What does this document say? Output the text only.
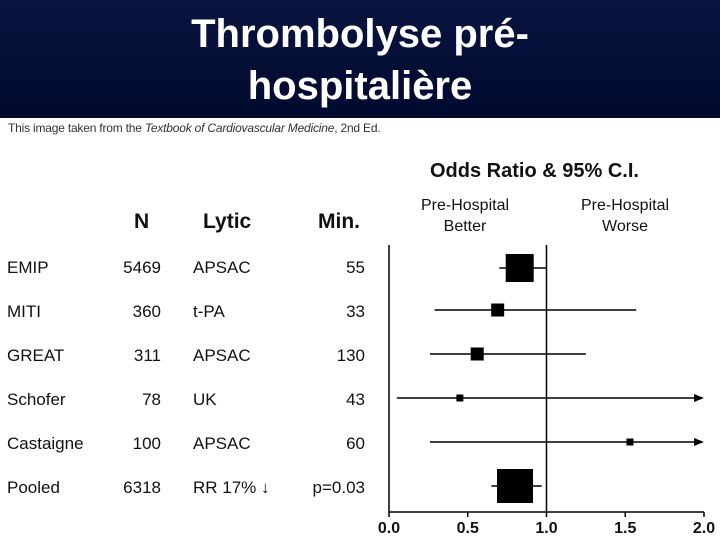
Thrombolyse pré-
hospitalière
This image taken from the Textbook of Cardiovascular Medicine, 2nd Ed.
N	Lytic	Min.
EMIP	5469 APSAC	55
MITI	360 t-PA	33
GREAT	311 APSAC	130
Schofer	78 UK	43
Castaigne	100 APSAC	60
Pooled	6318 RR 17% ↓	p=0.03
Odds Ratio & 95% C.I.
Pre-Hospital
Better
Pre-Hospital
Worse
0.0	0.5	1.0	1.5	2.0
